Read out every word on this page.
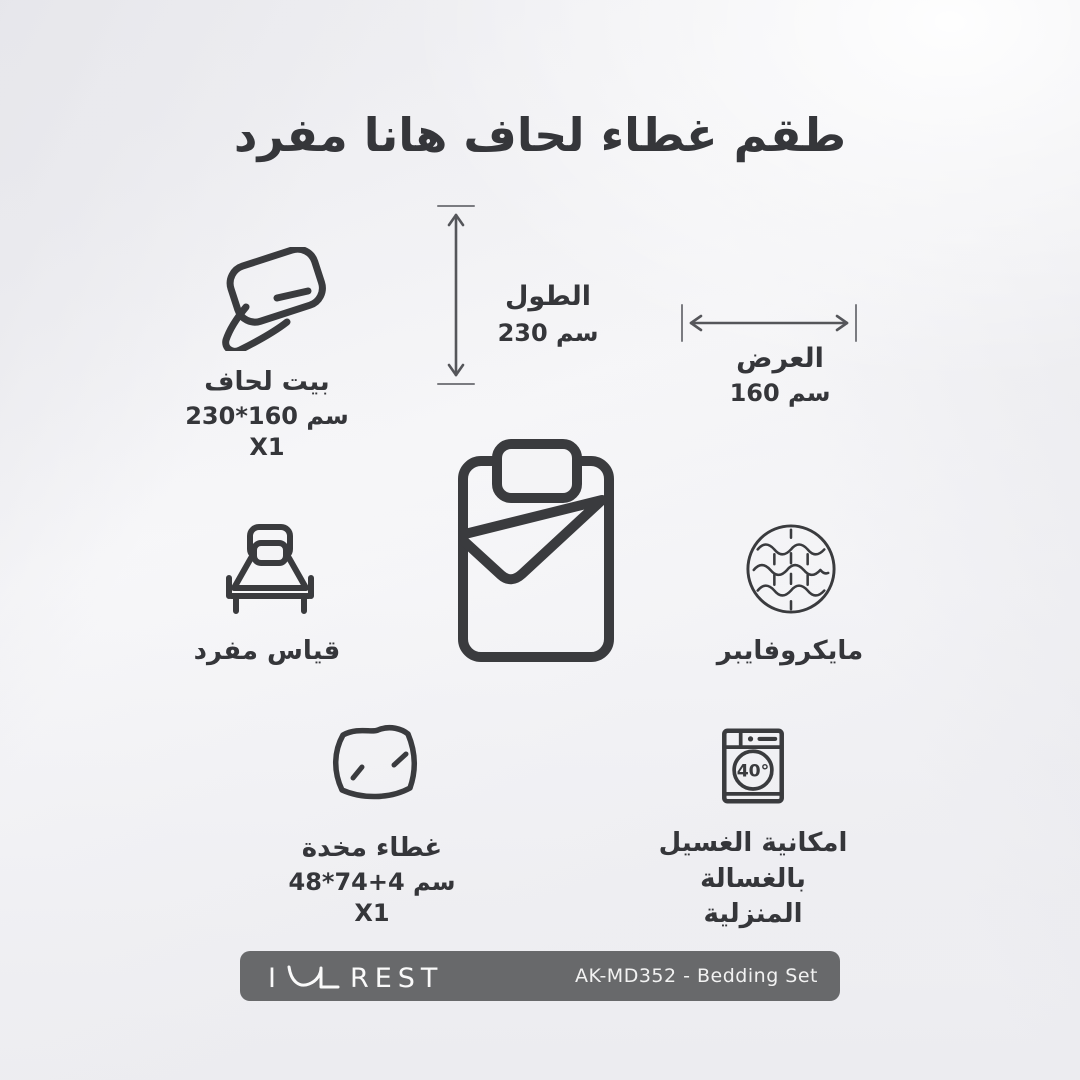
طقم غطاء لحاف هانا مفرد
الطول
230 سم
العرض
160 سم
بيت لحاف
230*160 سم
X1
قياس مفرد
غطاء مخدة
48*74+4 سم
X1
مايكروفايبر
40°
امكانية الغسيل
بالغسالة المنزلية
I	REST	AK-MD352 - Bedding Set
